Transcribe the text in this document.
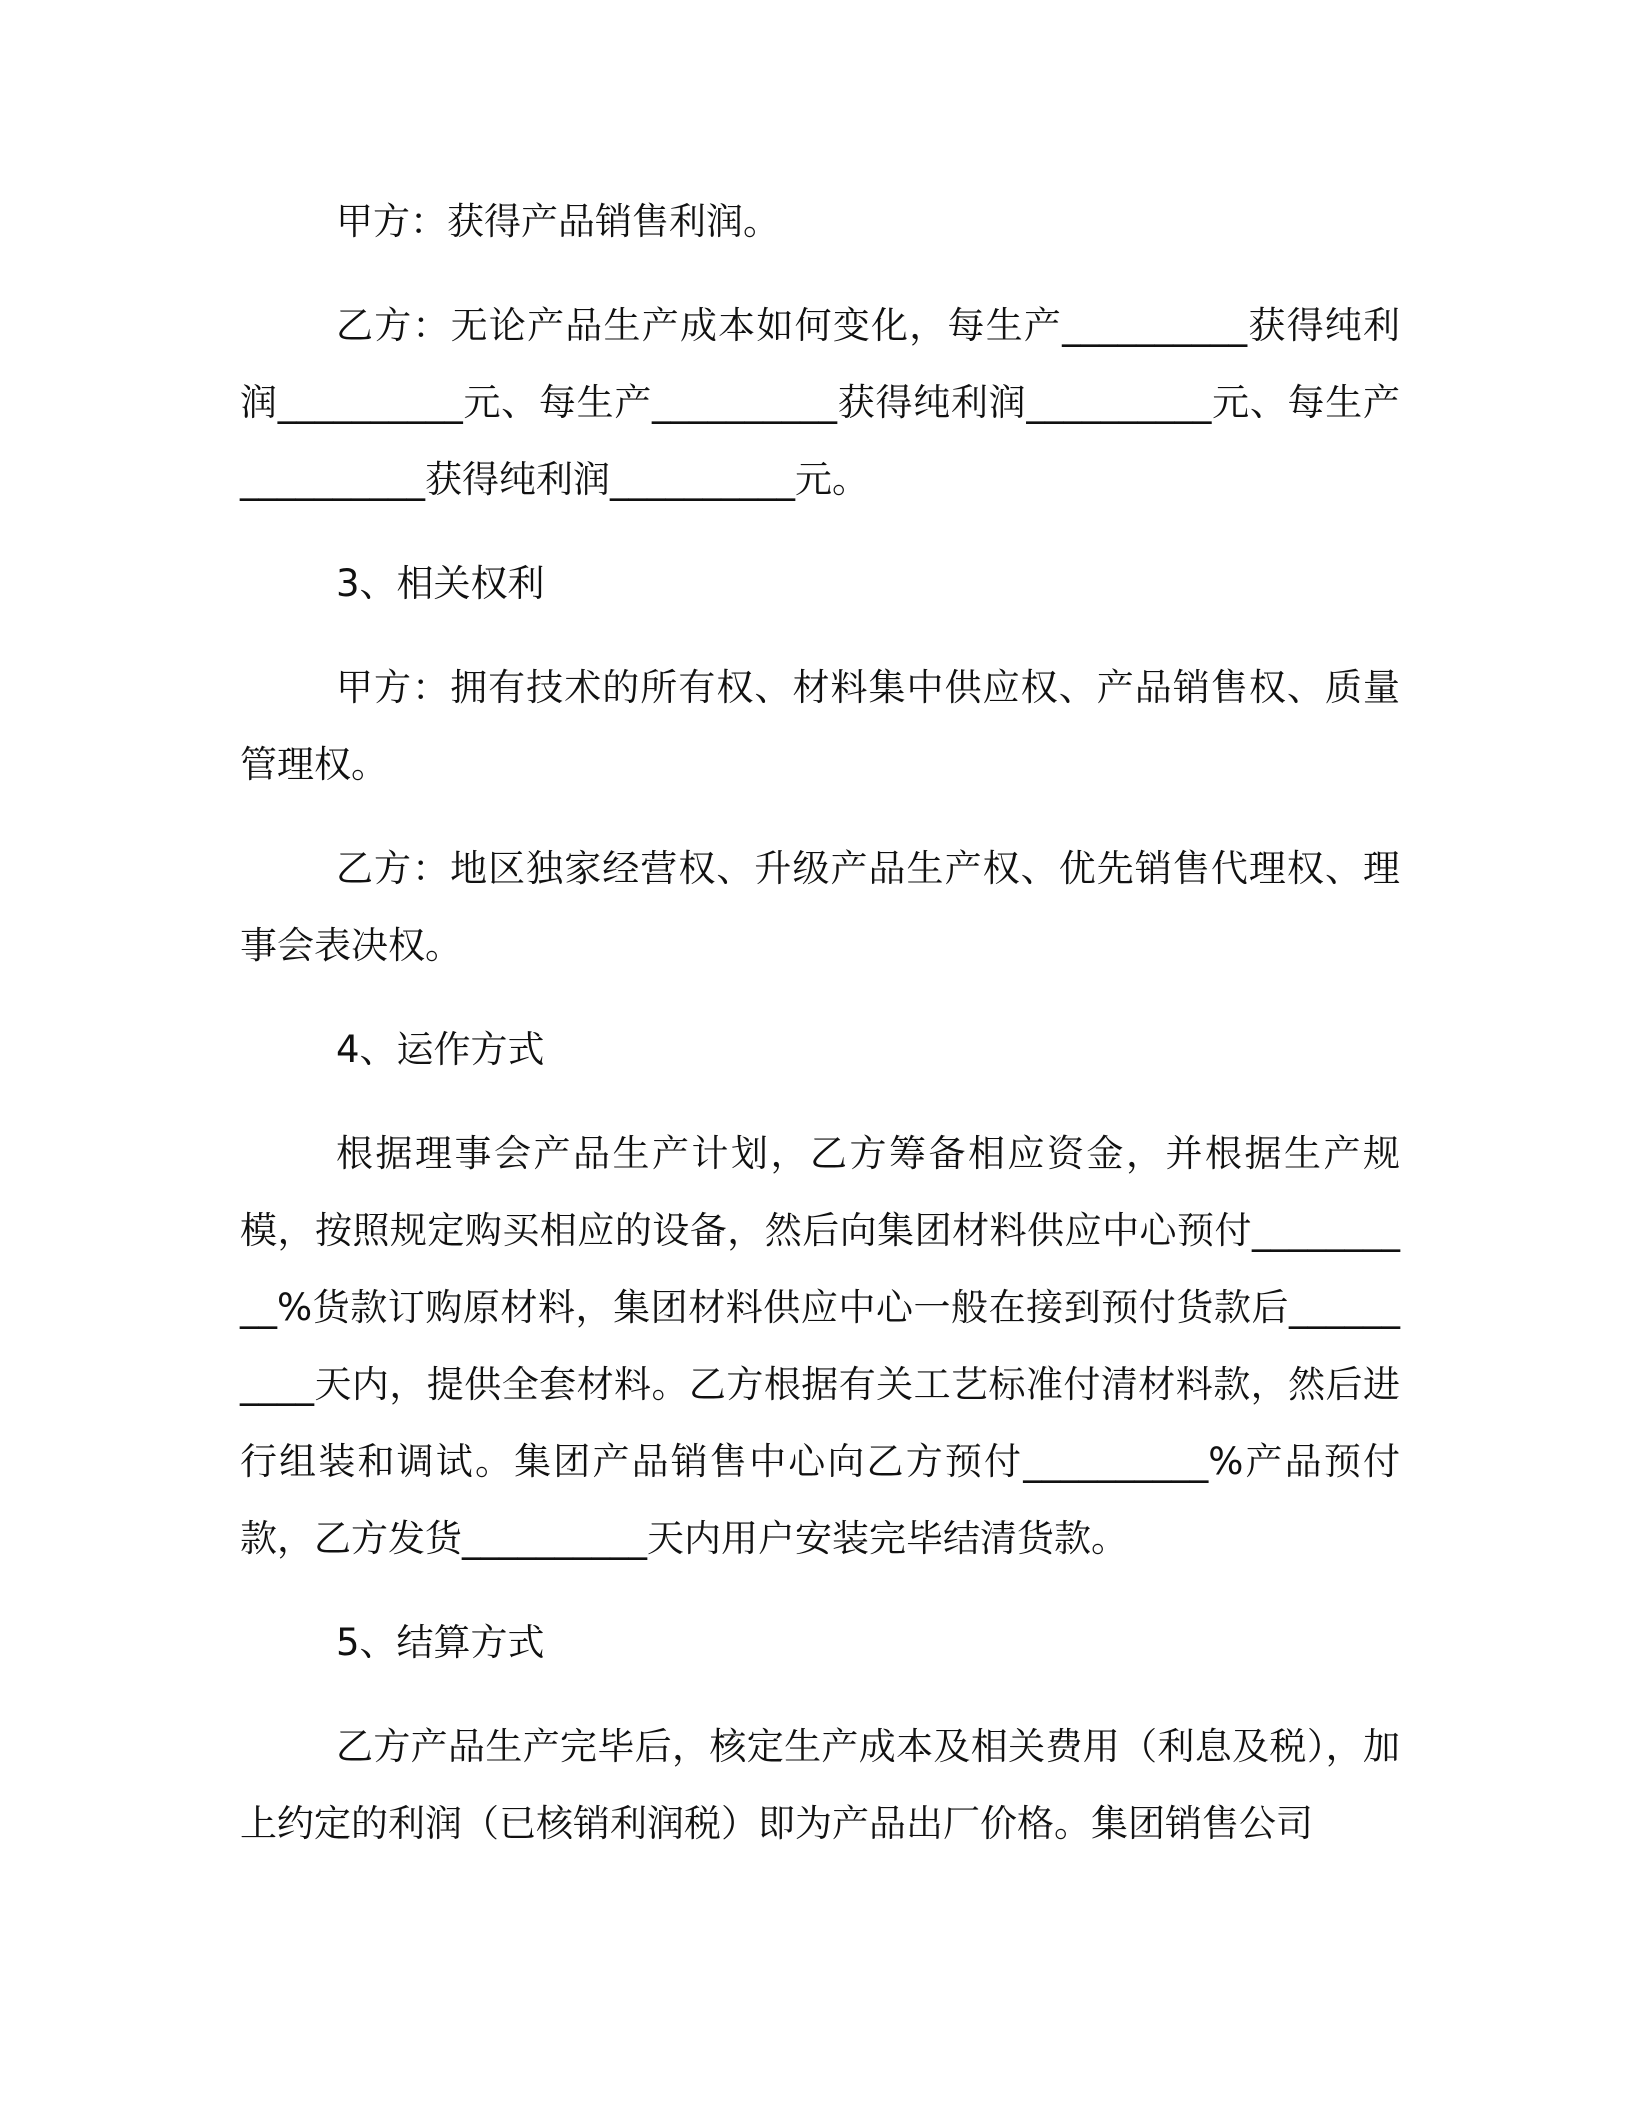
甲方：获得产品销售利润。

乙方：无论产品生产成本如何变化，每生产__________获得纯利润__________元、每生产__________获得纯利润__________元、每生产__________获得纯利润__________元。

3、相关权利

甲方：拥有技术的所有权、材料集中供应权、产品销售权、质量管理权。

乙方：地区独家经营权、升级产品生产权、优先销售代理权、理事会表决权。

4、运作方式

根据理事会产品生产计划，乙方筹备相应资金，并根据生产规模，按照规定购买相应的设备，然后向集团材料供应中心预付__________%货款订购原材料，集团材料供应中心一般在接到预付货款后__________天内，提供全套材料。乙方根据有关工艺标准付清材料款，然后进行组装和调试。集团产品销售中心向乙方预付__________%产品预付款，乙方发货__________天内用户安装完毕结清货款。

5、结算方式

乙方产品生产完毕后，核定生产成本及相关费用（利息及税），加上约定的利润（已核销利润税）即为产品出厂价格。集团销售公司
